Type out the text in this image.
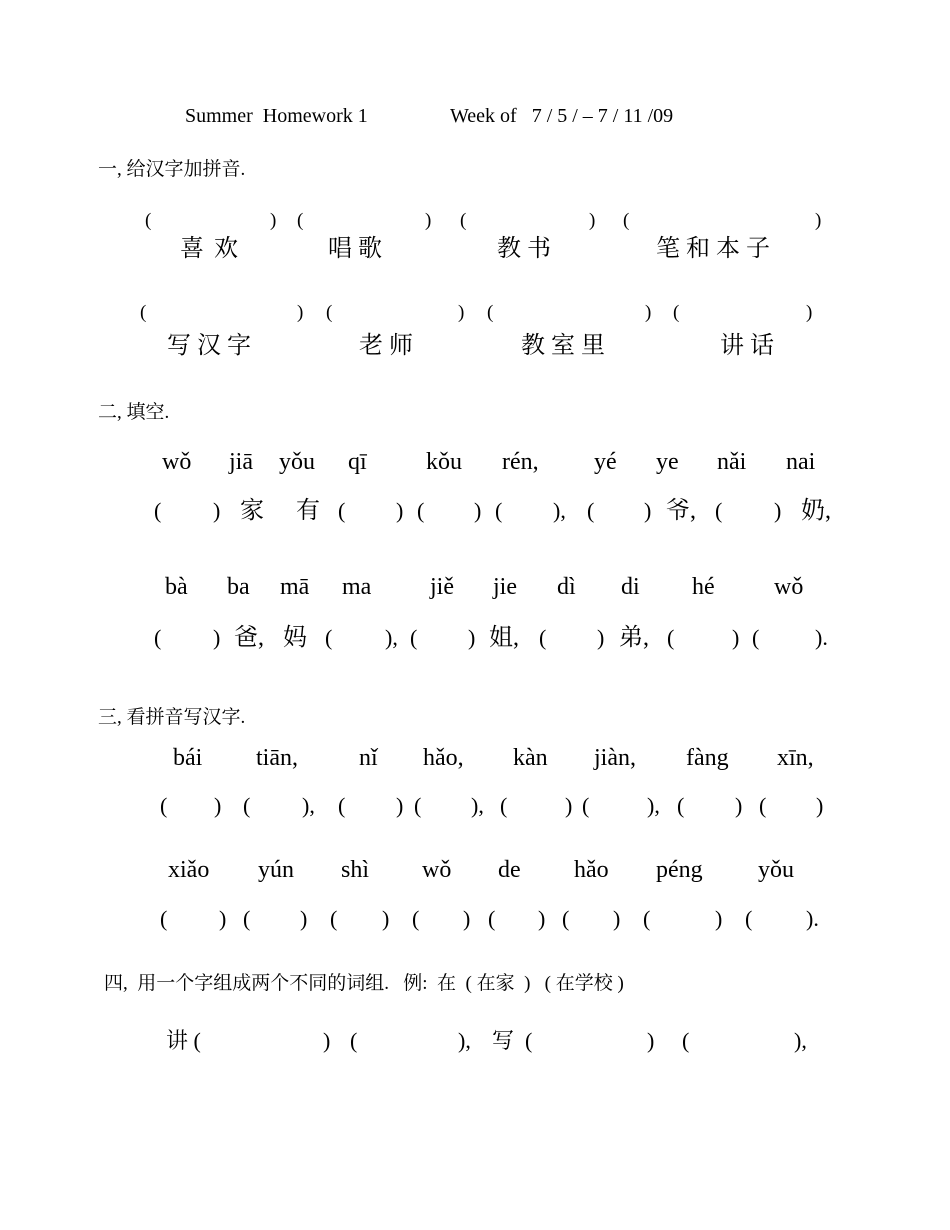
Summer  Homework 1	Week of   7 / 5 / – 7 / 11 /09
一, 给汉字加拼音.
(	) (	) (	) (	)
喜 欢	唱 歌	教 书	笔 和 本 子
(	) (	) (	) (	)
写 汉 字	老 师	教 室 里	讲 话
二, 填空.
wǒ jiā yǒu qī kǒu rén, yé ye nǎi nai
( ) 家 有 ( ) ( ) ( ), ( ) 爷, ( ) 奶,
bà ba mā ma jiě jie dì di hé wǒ
( ) 爸, 妈 ( ), ( ) 姐, ( ) 弟, (	) (	).
三, 看拼音写汉字.
bái tiān,	nǐ hǎo, kàn jiàn, fàng xīn,
( ) ( ), ( ) ( ), (	) (	), ( ) ( )
xiǎo yún shì wǒ de hǎo péng yǒu
( ) ( ) ( ) ( ) ( ) ( ) (	) ( ).
四,  用一个字组成两个不同的词组.   例:  在  ( 在家  )   ( 在学校 )
讲 (	) (	), 写  (	) (	),
